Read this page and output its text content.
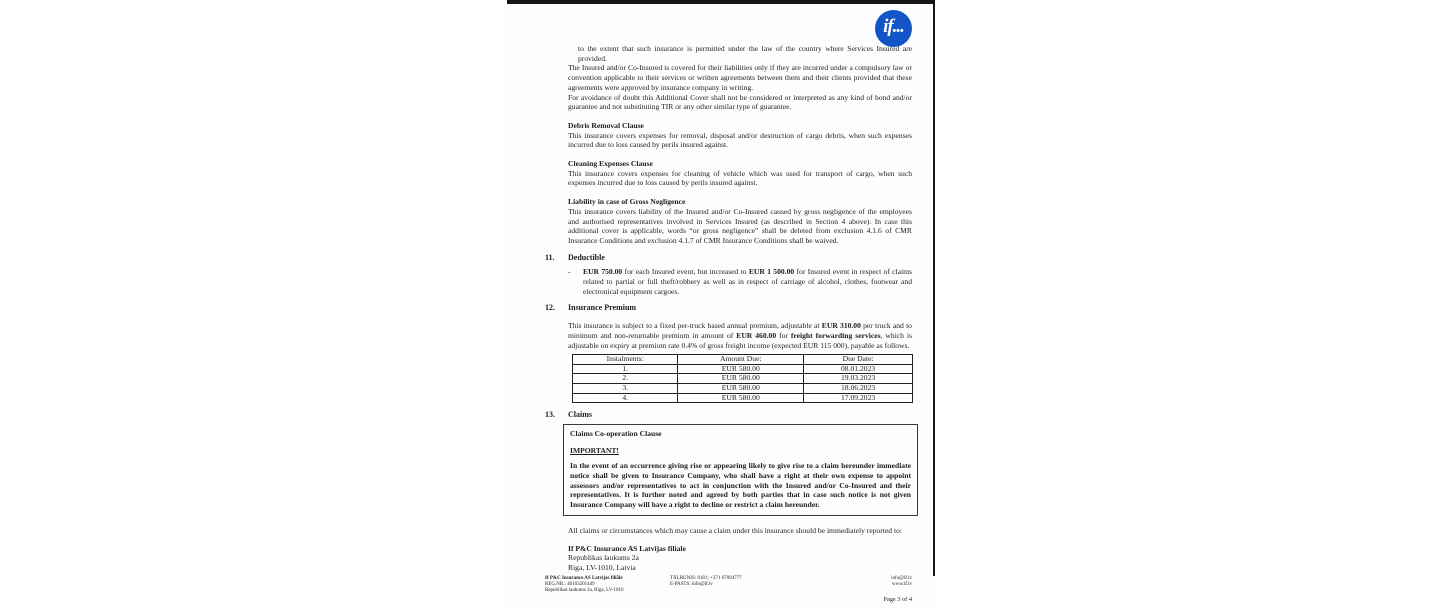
if...

to the extent that such insurance is permitted under the law of the country where Services Insured are provided.

The Insured and/or Co-Insured is covered for their liabilities only if they are incurred under a compulsory law or convention applicable to their services or written agreements between them and their clients provided that these agreements were approved by insurance company in writing.

For avoidance of doubt this Additional Cover shall not be considered or interpreted as any kind of bond and/or guarantee and not substituting TIR or any other similar type of guarantee.

Debris Removal Clause

This insurance covers expenses for removal, disposal and/or destruction of cargo debris, when such expenses incurred due to loss caused by perils insured against.

Cleaning Expenses Clause

This insurance covers expenses for cleaning of vehicle which was used for transport of cargo, when such expenses incurred due to loss caused by perils insured against.

Liability in case of Gross Negligence

This insurance covers liability of the Insured and/or Co-Insured caused by gross negligence of the employees and authorised representatives involved in Services Insured (as described in Section 4 above). In case this additional cover is applicable, words “or gross negligence” shall be deleted from exclusion 4.1.6 of CMR Insurance Conditions and exclusion 4.1.7 of CMR Insurance Conditions shall be waived.

11.	Deductible
-	EUR 750.00 for each Insured event, but increased to EUR 1 500.00 for Insured event in respect of claims related to partial or full theft/robbery as well as in respect of carriage of alcohol, clothes, footwear and electronical equipment cargoes.
12.	Insurance Premium

This insurance is subject to a fixed per-truck based annual premium, adjustable at EUR 310.00 per truck and to minimum and non-returnable premium in amount of EUR 460.00 for freight forwarding services, which is adjustable on expiry at premium rate 0.4% of gross freight income (expected EUR 115 000), payable as follows.

Instalments:	Amount Due:	Due Date:
1.	EUR 580.00	08.01.2023
2.	EUR 580.00	19.03.2023
3.	EUR 580.00	18.06.2023
4.	EUR 580.00	17.09.2023
13.	Claims
Claims Co-operation Clause
IMPORTANT!

In the event of an occurrence giving rise or appearing likely to give rise to a claim hereunder immediate notice shall be given to Insurance Company, who shall have a right at their own expense to appoint assessors and/or representatives to act in conjunction with the Insured and/or Co-Insured and their representatives. It is further noted and agreed by both parties that in case such notice is not given Insurance Company will have a right to decline or restrict a claim hereunder.

All claims or circumstances which may cause a claim under this insurance should be immediately reported to:

If P&C Insurance AS Latvijas filiale
Republikas laukums 2a
Riga, LV-1010, Latvia
If P&C Insurance AS Latvijas filiāle
REĢ.NR.: 40103201449
Republikas laukums 2a, Rīga, LV-1010
TĀLRUNIS: 8181; +371 67094777
E-PASTS: info@if.lv
info@if.lv
www.if.lv
Page 3 of 4
